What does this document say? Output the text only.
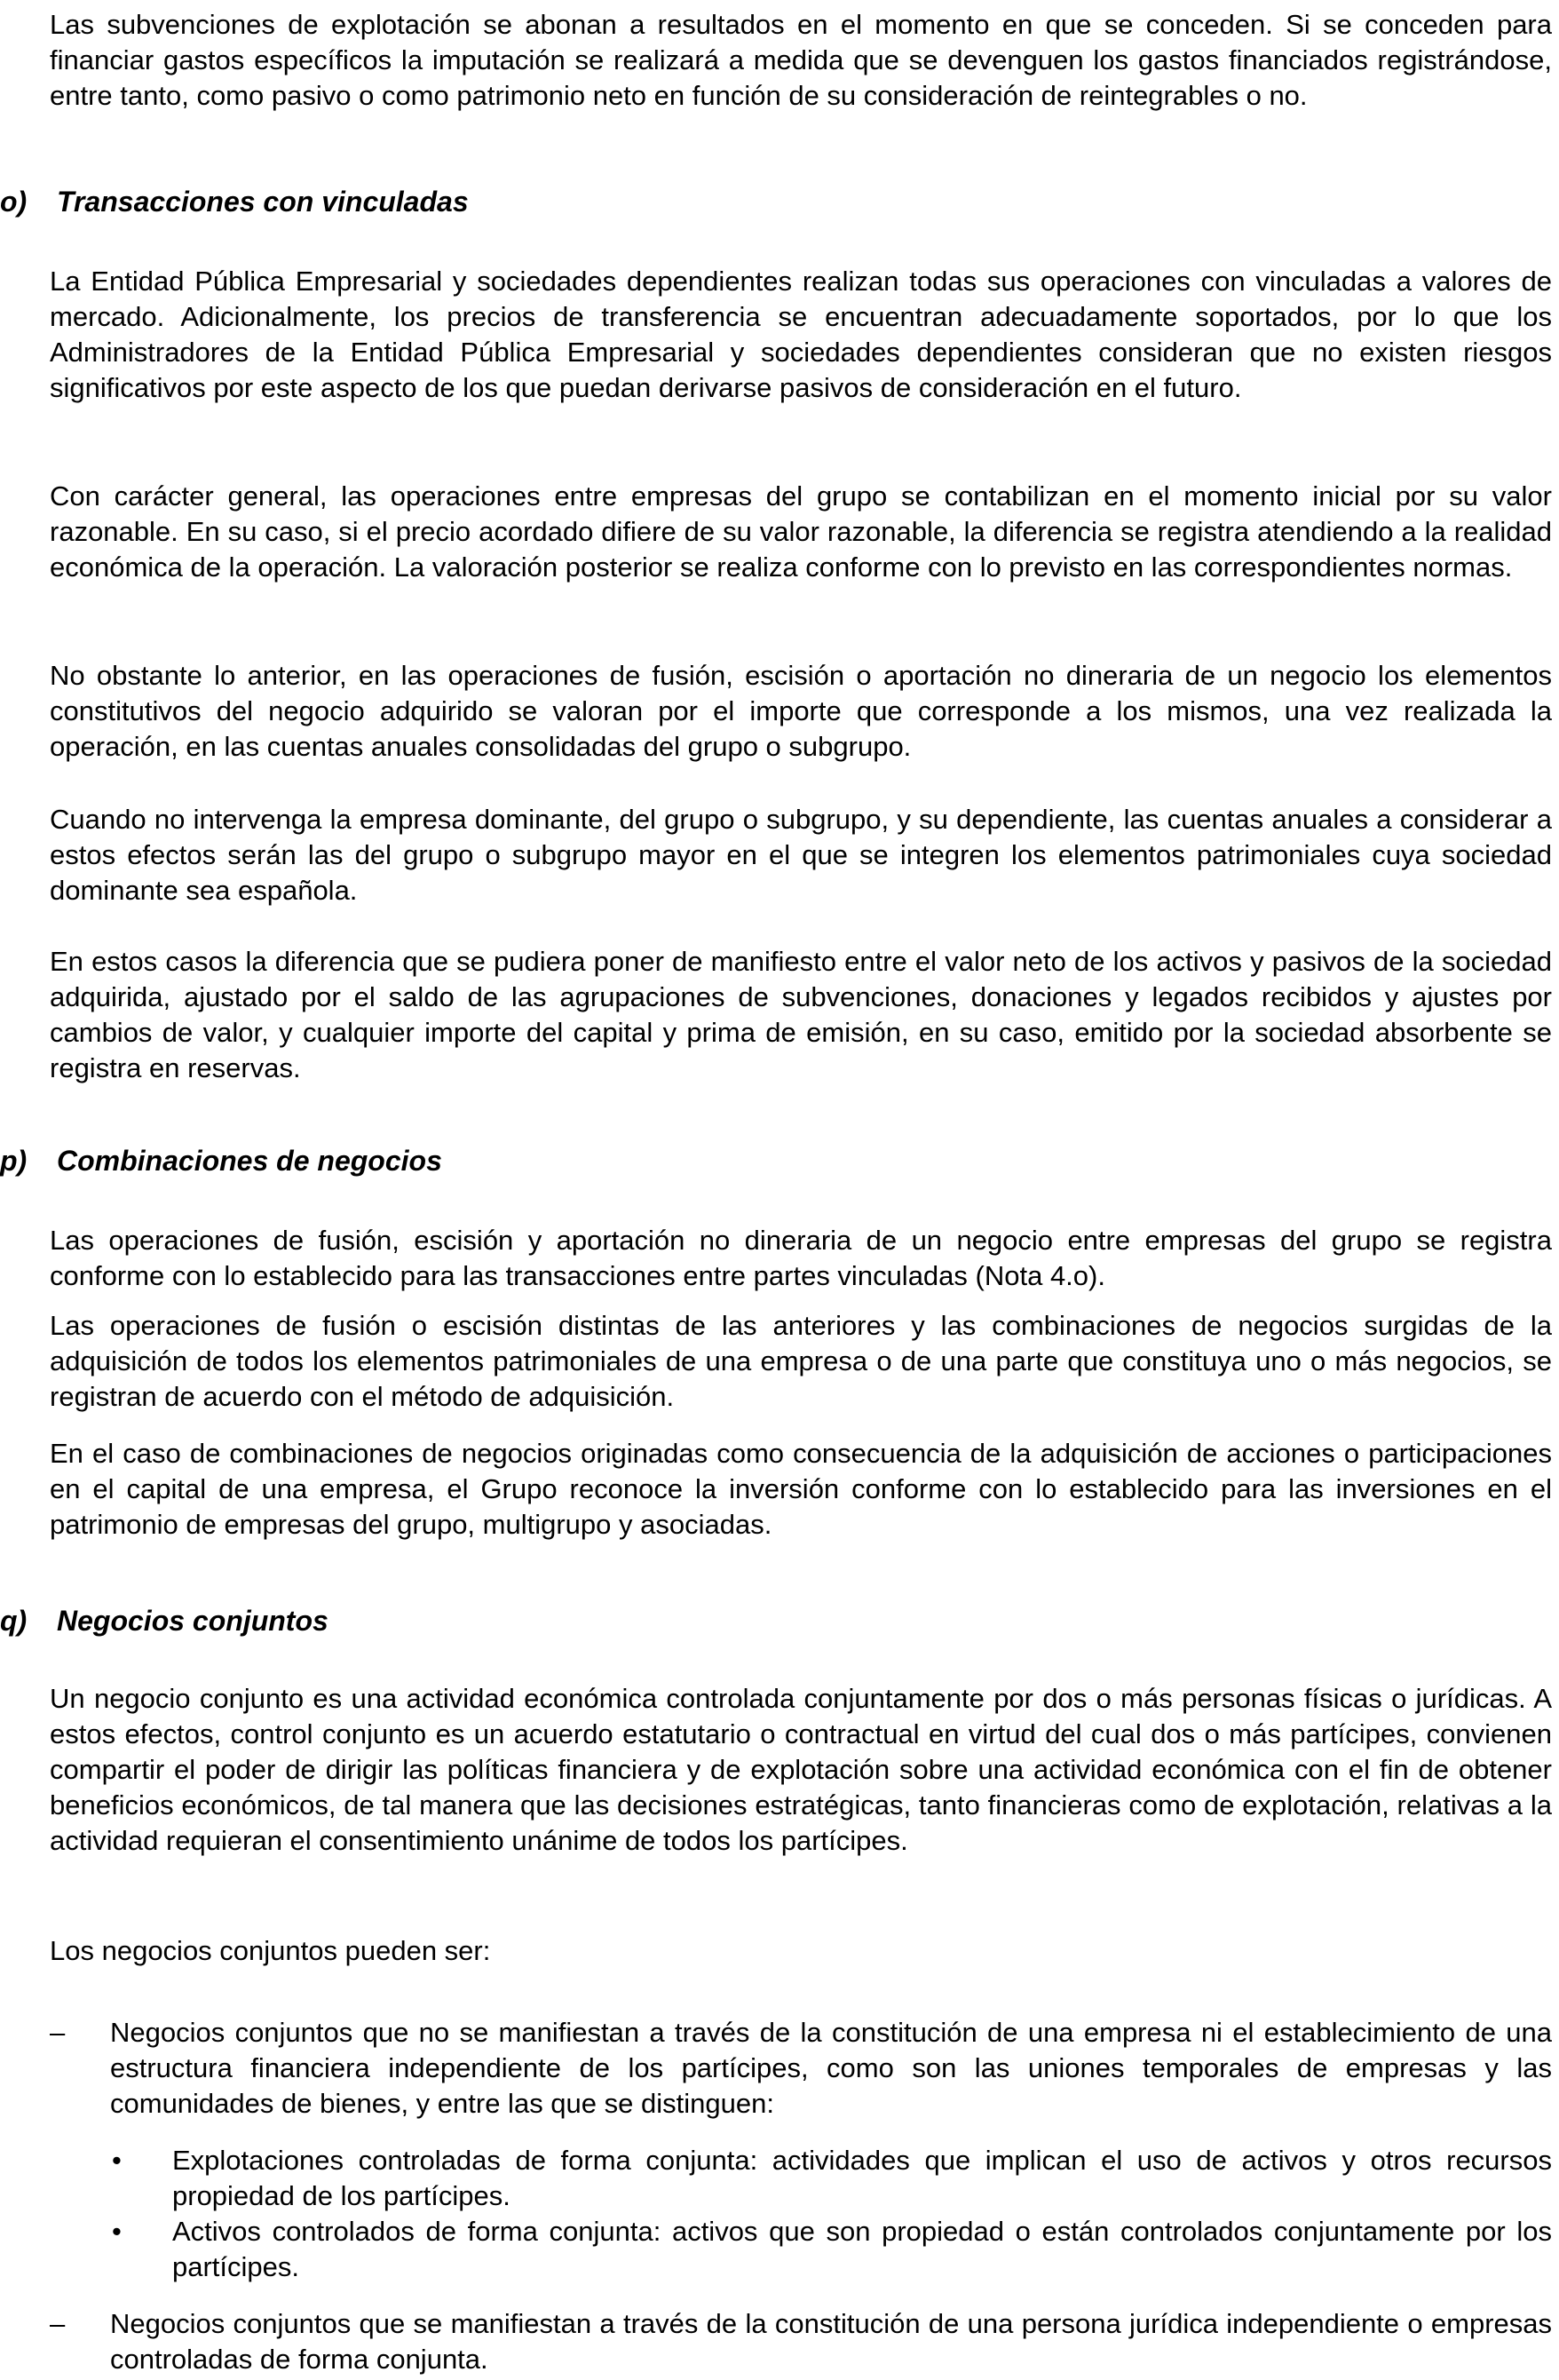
Las subvenciones de explotación se abonan a resultados en el momento en que se conceden. Si se conceden para financiar gastos específicos la imputación se realizará a medida que se devenguen los gastos financiados registrándose, entre tanto, como pasivo o como patrimonio neto en función de su consideración de reintegrables o no.

o) Transacciones con vinculadas

La Entidad Pública Empresarial y sociedades dependientes realizan todas sus operaciones con vinculadas a valores de mercado. Adicionalmente, los precios de transferencia se encuentran adecuadamente soportados, por lo que los Administradores de la Entidad Pública Empresarial y sociedades dependientes consideran que no existen riesgos significativos por este aspecto de los que puedan derivarse pasivos de consideración en el futuro.

Con carácter general, las operaciones entre empresas del grupo se contabilizan en el momento inicial por su valor razonable. En su caso, si el precio acordado difiere de su valor razonable, la diferencia se registra atendiendo a la realidad económica de la operación. La valoración posterior se realiza conforme con lo previsto en las correspondientes normas.

No obstante lo anterior, en las operaciones de fusión, escisión o aportación no dineraria de un negocio los elementos constitutivos del negocio adquirido se valoran por el importe que corresponde a los mismos, una vez realizada la operación, en las cuentas anuales consolidadas del grupo o subgrupo.

Cuando no intervenga la empresa dominante, del grupo o subgrupo, y su dependiente, las cuentas anuales a considerar a estos efectos serán las del grupo o subgrupo mayor en el que se integren los elementos patrimoniales cuya sociedad dominante sea española.

En estos casos la diferencia que se pudiera poner de manifiesto entre el valor neto de los activos y pasivos de la sociedad adquirida, ajustado por el saldo de las agrupaciones de subvenciones, donaciones y legados recibidos y ajustes por cambios de valor, y cualquier importe del capital y prima de emisión, en su caso, emitido por la sociedad absorbente se registra en reservas.

p) Combinaciones de negocios

Las operaciones de fusión, escisión y aportación no dineraria de un negocio entre empresas del grupo se registra conforme con lo establecido para las transacciones entre partes vinculadas (Nota 4.o).

Las operaciones de fusión o escisión distintas de las anteriores y las combinaciones de negocios surgidas de la adquisición de todos los elementos patrimoniales de una empresa o de una parte que constituya uno o más negocios, se registran de acuerdo con el método de adquisición.

En el caso de combinaciones de negocios originadas como consecuencia de la adquisición de acciones o participaciones en el capital de una empresa, el Grupo reconoce la inversión conforme con lo establecido para las inversiones en el patrimonio de empresas del grupo, multigrupo y asociadas.

q) Negocios conjuntos

Un negocio conjunto es una actividad económica controlada conjuntamente por dos o más personas físicas o jurídicas. A estos efectos, control conjunto es un acuerdo estatutario o contractual en virtud del cual dos o más partícipes, convienen compartir el poder de dirigir las políticas financiera y de explotación sobre una actividad económica con el fin de obtener beneficios económicos, de tal manera que las decisiones estratégicas, tanto financieras como de explotación, relativas a la actividad requieran el consentimiento unánime de todos los partícipes.

Los negocios conjuntos pueden ser:

– Negocios conjuntos que no se manifiestan a través de la constitución de una empresa ni el establecimiento de una estructura financiera independiente de los partícipes, como son las uniones temporales de empresas y las comunidades de bienes, y entre las que se distinguen:
• Explotaciones controladas de forma conjunta: actividades que implican el uso de activos y otros recursos propiedad de los partícipes.
• Activos controlados de forma conjunta: activos que son propiedad o están controlados conjuntamente por los partícipes.
– Negocios conjuntos que se manifiestan a través de la constitución de una persona jurídica independiente o empresas controladas de forma conjunta.
